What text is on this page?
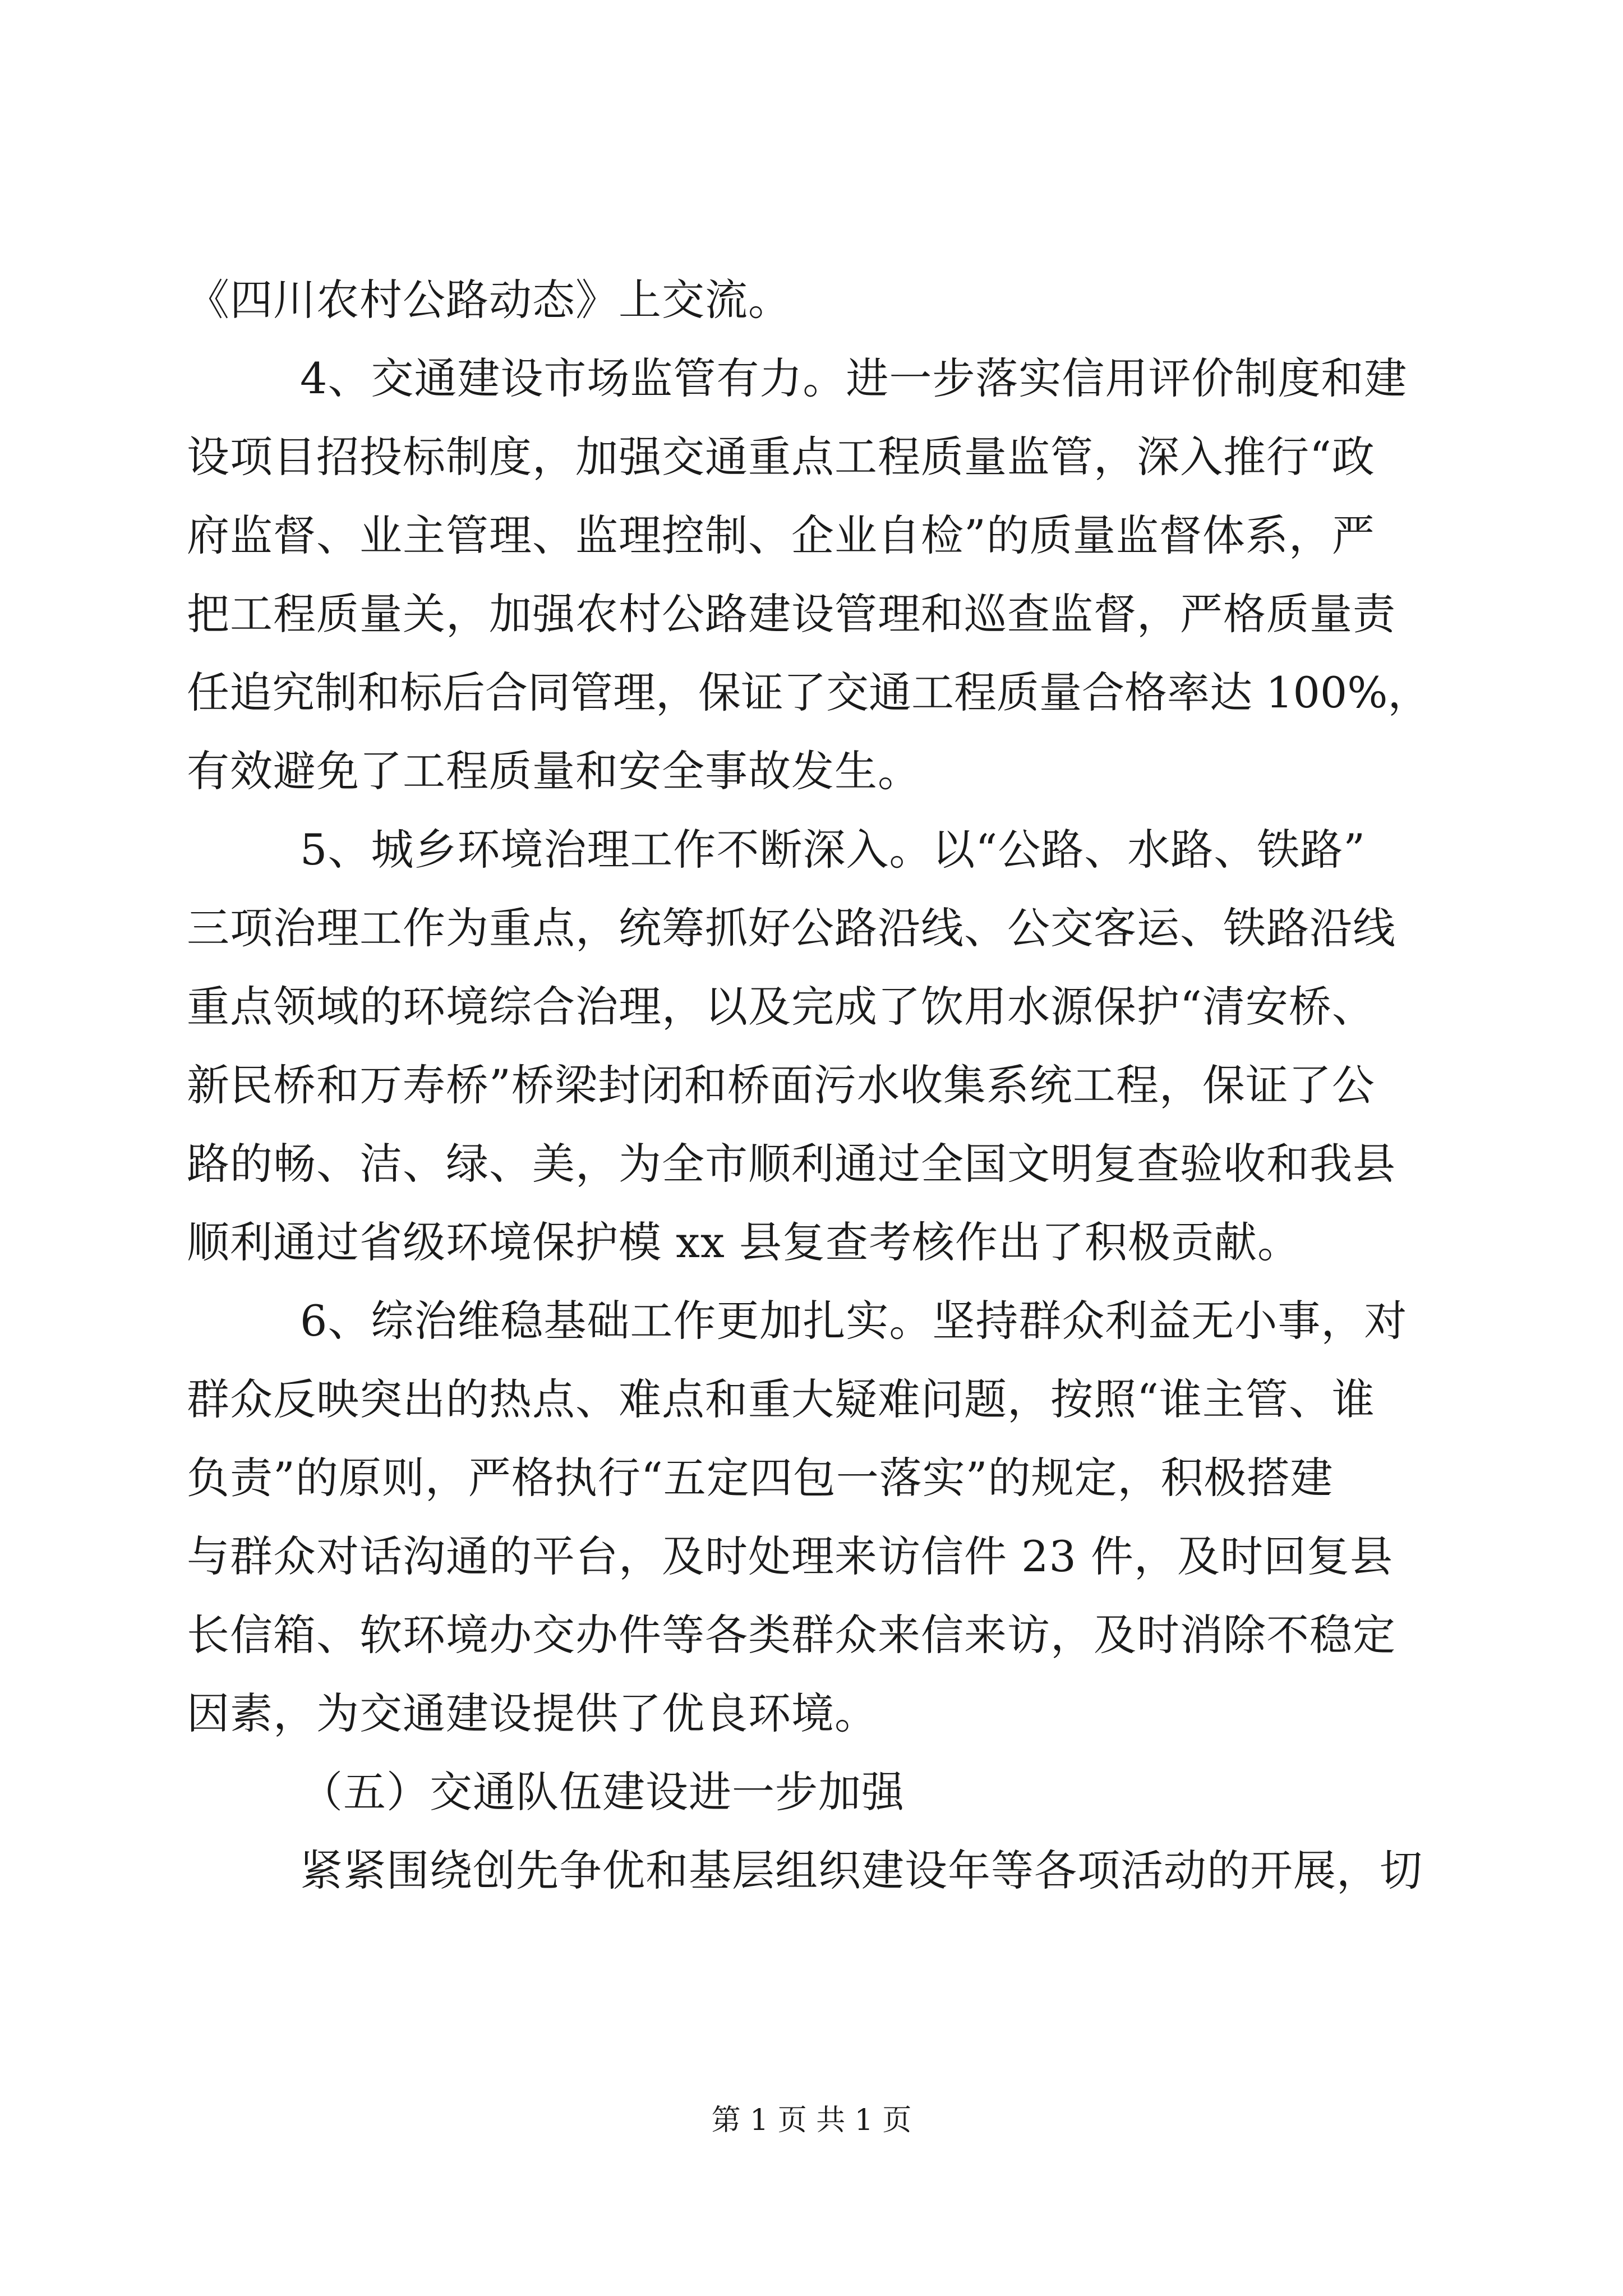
《四川农村公路动态》上交流。
4、交通建设市场监管有力。进一步落实信用评价制度和建
设项目招投标制度，加强交通重点工程质量监管，深入推行“政
府监督、业主管理、监理控制、企业自检”的质量监督体系，严
把工程质量关，加强农村公路建设管理和巡查监督，严格质量责
任追究制和标后合同管理，保证了交通工程质量合格率达 100%，
有效避免了工程质量和安全事故发生。
5、城乡环境治理工作不断深入。以“公路、水路、铁路”
三项治理工作为重点，统筹抓好公路沿线、公交客运、铁路沿线
重点领域的环境综合治理，以及完成了饮用水源保护“清安桥、
新民桥和万寿桥”桥梁封闭和桥面污水收集系统工程，保证了公
路的畅、洁、绿、美，为全市顺利通过全国文明复查验收和我县
顺利通过省级环境保护模 xx 县复查考核作出了积极贡献。
6、综治维稳基础工作更加扎实。坚持群众利益无小事，对
群众反映突出的热点、难点和重大疑难问题，按照“谁主管、谁
负责”的原则，严格执行“五定四包一落实”的规定，积极搭建
与群众对话沟通的平台，及时处理来访信件 23 件，及时回复县
长信箱、软环境办交办件等各类群众来信来访，及时消除不稳定
因素，为交通建设提供了优良环境。
（五）交通队伍建设进一步加强
紧紧围绕创先争优和基层组织建设年等各项活动的开展，切
第 1 页 共 1 页
